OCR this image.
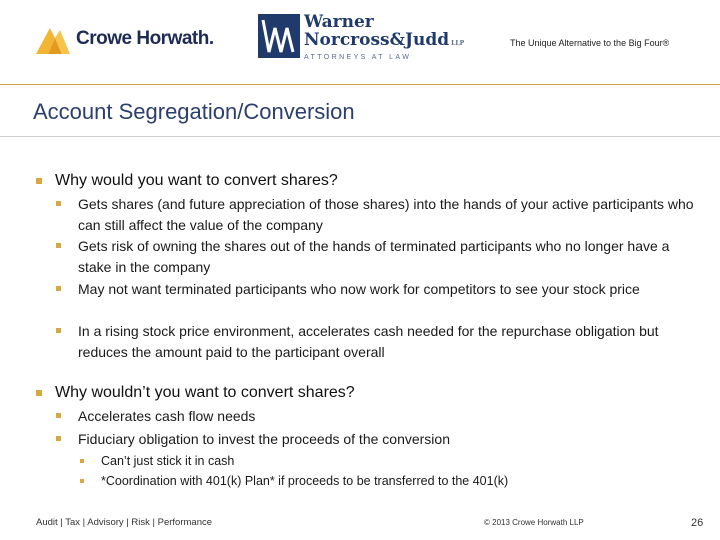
Crowe Horwath.
Warner
Norcross&Judd LLP
ATTORNEYS AT LAW
The Unique Alternative to the Big Four®
Account Segregation/Conversion
Why would you want to convert shares?
Gets shares (and future appreciation of those shares) into the hands of your active participants who can still affect the value of the company
Gets risk of owning the shares out of the hands of terminated participants who no longer have a stake in the company
May not want terminated participants who now work for competitors to see your stock price
In a rising stock price environment, accelerates cash needed for the repurchase obligation but reduces the amount paid to the participant overall
Why wouldn’t you want to convert shares?
Accelerates cash flow needs
Fiduciary obligation to invest the proceeds of the conversion
Can’t just stick it in cash
*Coordination with 401(k) Plan* if proceeds to be transferred to the 401(k)
Audit | Tax | Advisory | Risk | Performance	© 2013 Crowe Horwath LLP	26
